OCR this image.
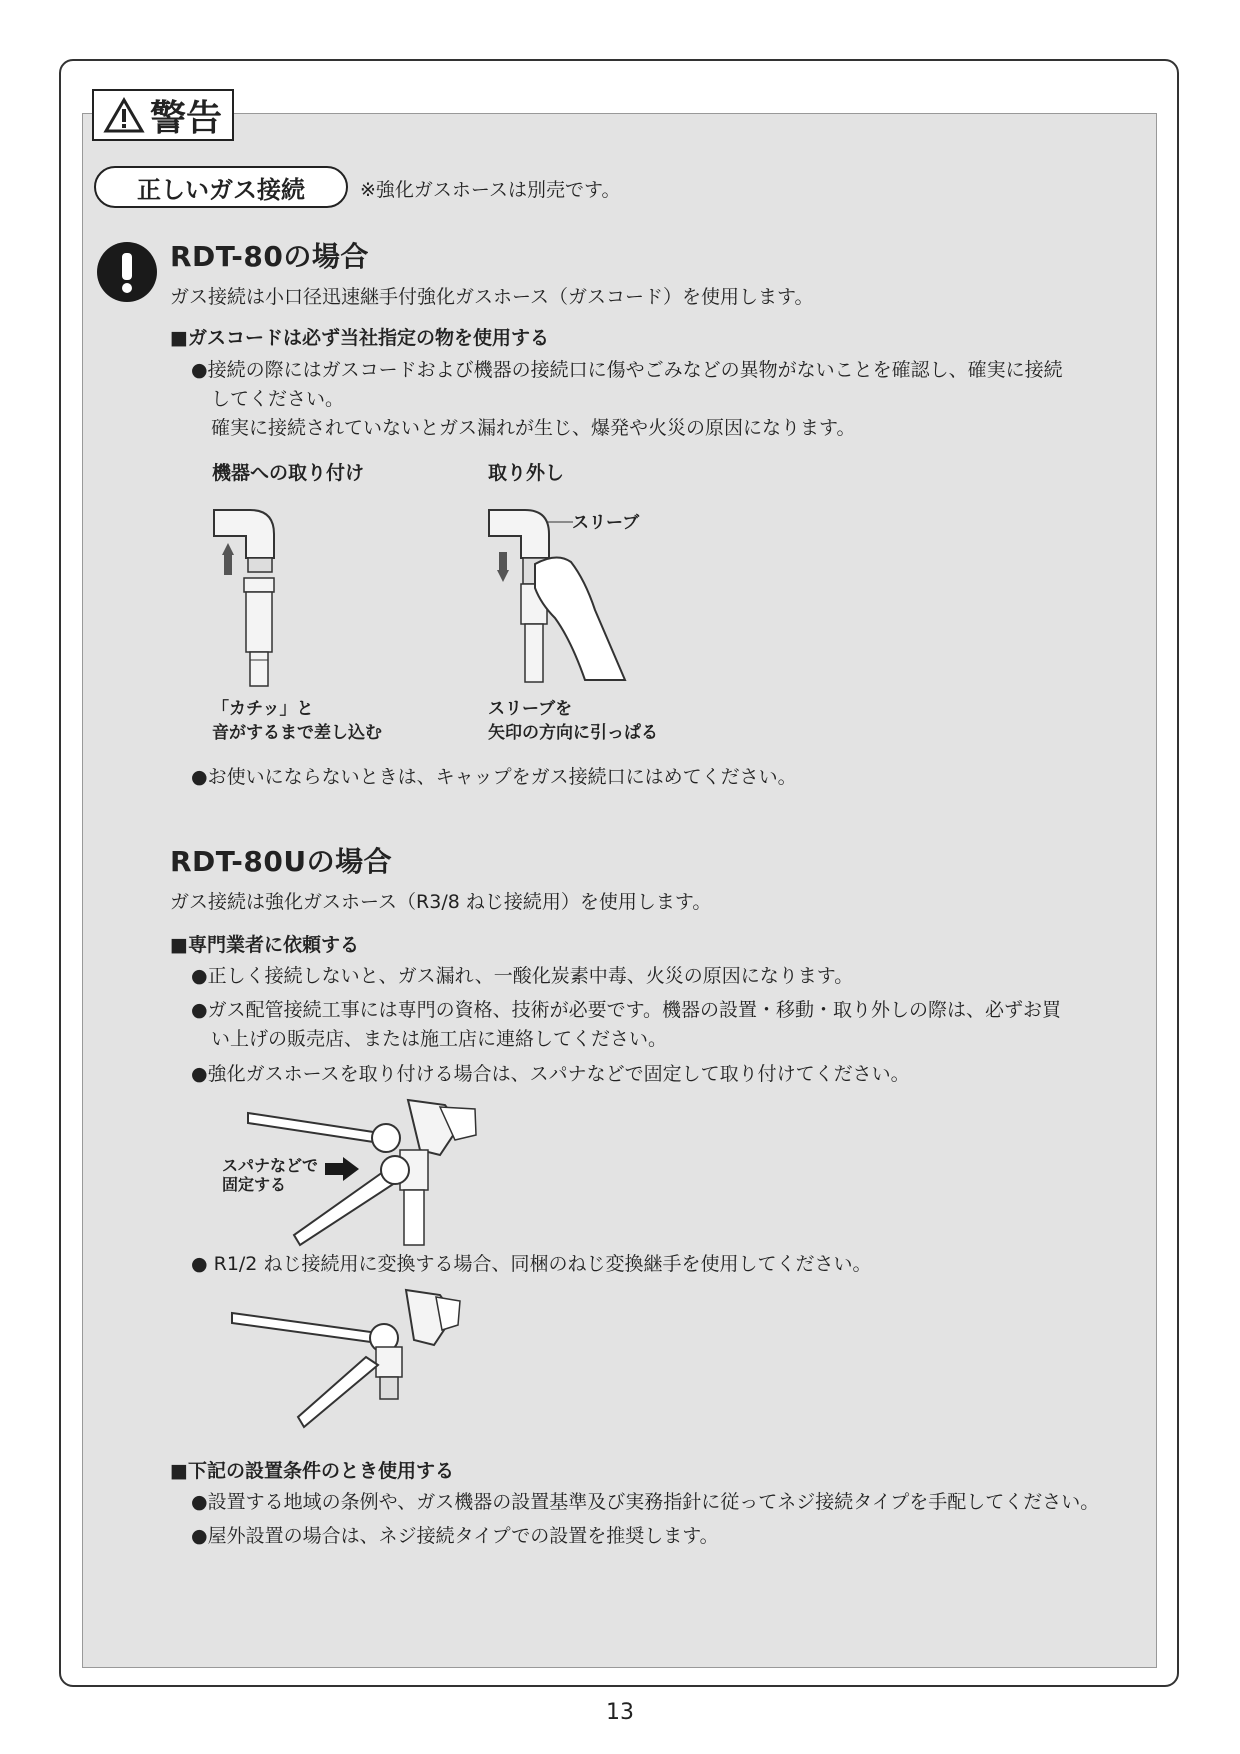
警告
正しいガス接続	※強化ガスホースは別売です。
RDT-80の場合
ガス接続は小口径迅速継手付強化ガスホース（ガスコード）を使用します。
■ガスコードは必ず当社指定の物を使用する
●接続の際にはガスコードおよび機器の接続口に傷やごみなどの異物がないことを確認し、確実に接続
してください。
確実に接続されていないとガス漏れが生じ、爆発や火災の原因になります。
機器への取り付け	取り外し
スリーブ
「カチッ」と
音がするまで差し込む
スリーブを
矢印の方向に引っぱる
●お使いにならないときは、キャップをガス接続口にはめてください。
RDT-80Uの場合
ガス接続は強化ガスホース（R3/8 ねじ接続用）を使用します。
■専門業者に依頼する
●正しく接続しないと、ガス漏れ、一酸化炭素中毒、火災の原因になります。
●ガス配管接続工事には専門の資格、技術が必要です。機器の設置・移動・取り外しの際は、必ずお買
い上げの販売店、または施工店に連絡してください。
●強化ガスホースを取り付ける場合は、スパナなどで固定して取り付けてください。
スパナなどで
固定する
● R1/2 ねじ接続用に変換する場合、同梱のねじ変換継手を使用してください。
■下記の設置条件のとき使用する
●設置する地域の条例や、ガス機器の設置基準及び実務指針に従ってネジ接続タイプを手配してください。
●屋外設置の場合は、ネジ接続タイプでの設置を推奨します。
13
